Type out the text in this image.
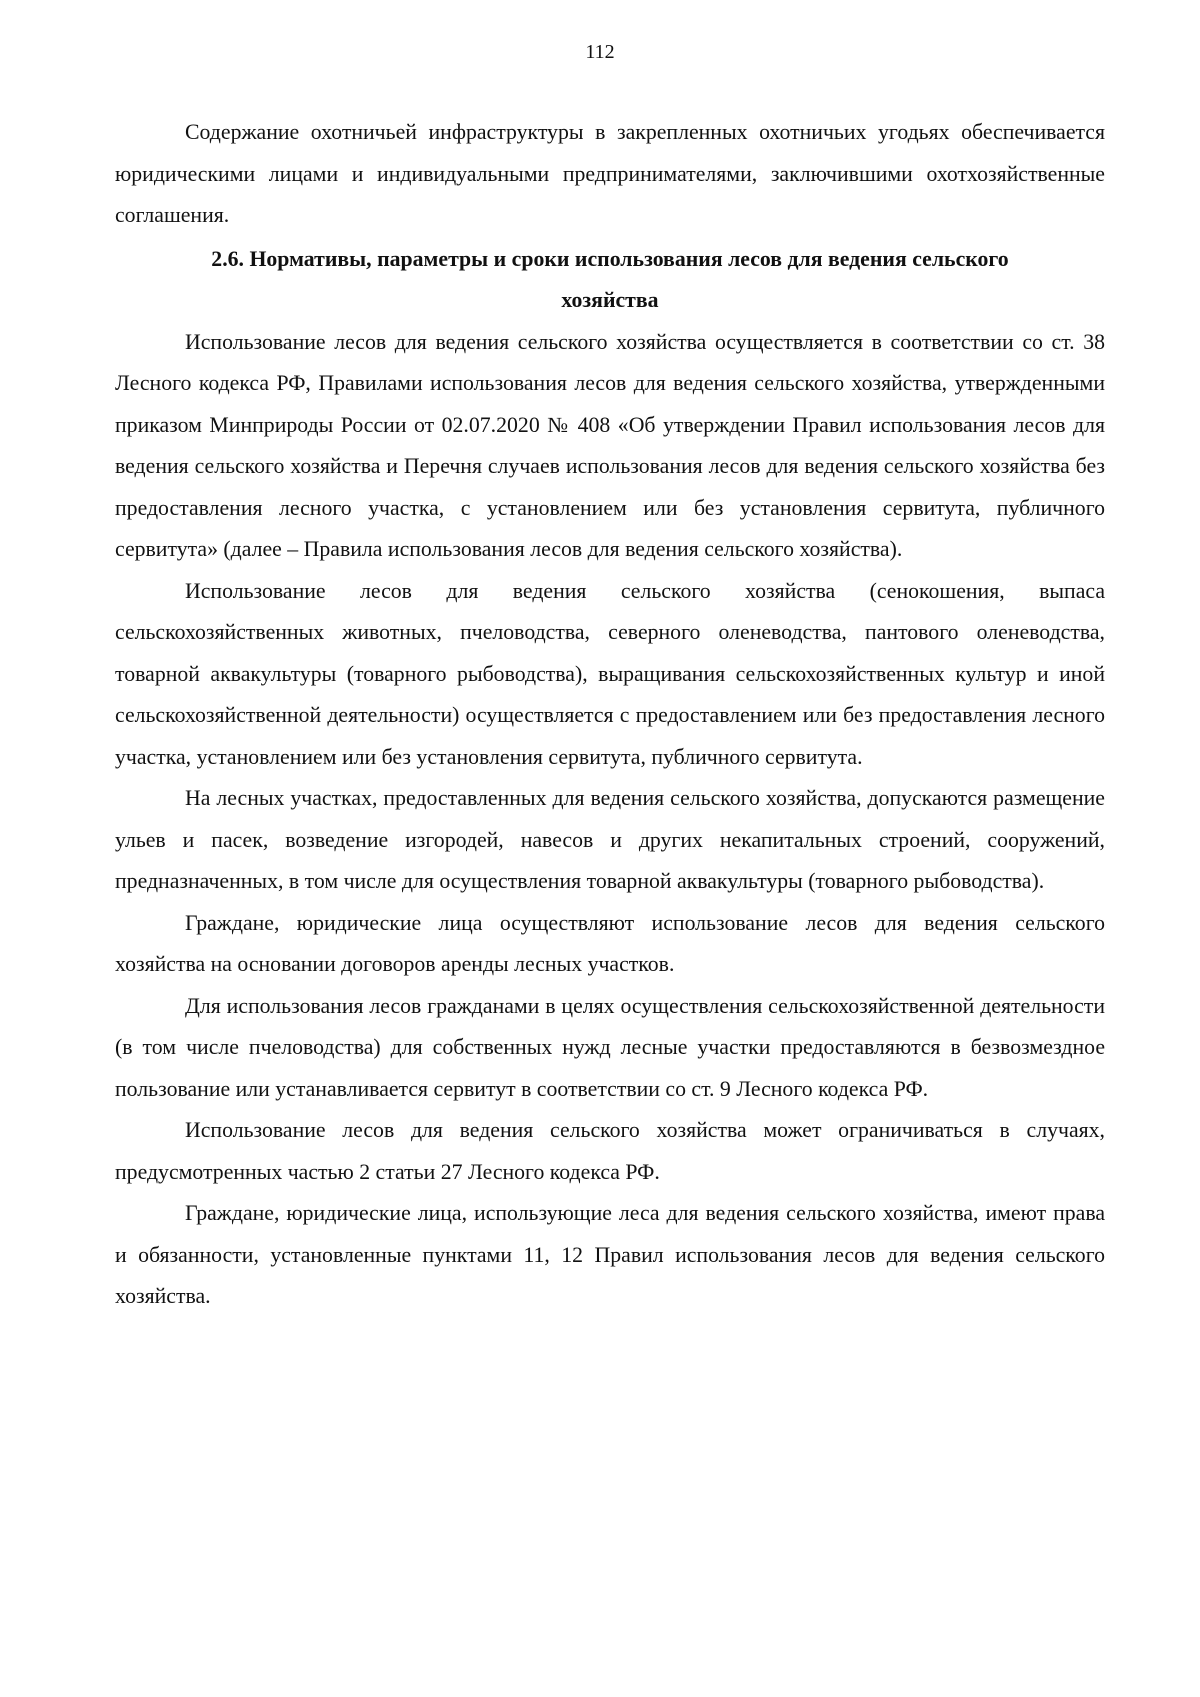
112

Содержание охотничьей инфраструктуры в закрепленных охотничьих угодьях обеспечивается юридическими лицами и индивидуальными предпринимателями, заключившими охотхозяйственные соглашения.

2.6. Нормативы, параметры и сроки использования лесов для ведения сельского
хозяйства

Использование лесов для ведения сельского хозяйства осуществляется в соответствии со ст. 38 Лесного кодекса РФ, Правилами использования лесов для ведения сельского хозяйства, утвержденными приказом Минприроды России от 02.07.2020 № 408 «Об утверждении Правил использования лесов для ведения сельского хозяйства и Перечня случаев использования лесов для ведения сельского хозяйства без предоставления лесного участка, с установлением или без установления сервитута, публичного сервитута» (далее – Правила использования лесов для ведения сельского хозяйства).

Использование лесов для ведения сельского хозяйства (сенокошения, выпаса сельскохозяйственных животных, пчеловодства, северного оленеводства, пантового оленеводства, товарной аквакультуры (товарного рыбоводства), выращивания сельскохозяйственных культур и иной сельскохозяйственной деятельности) осуществляется с предоставлением или без предоставления лесного участка, установлением или без установления сервитута, публичного сервитута.

На лесных участках, предоставленных для ведения сельского хозяйства, допускаются размещение ульев и пасек, возведение изгородей, навесов и других некапитальных строений, сооружений, предназначенных, в том числе для осуществления товарной аквакультуры (товарного рыбоводства).

Граждане, юридические лица осуществляют использование лесов для ведения сельского хозяйства на основании договоров аренды лесных участков.

Для использования лесов гражданами в целях осуществления сельскохозяйственной деятельности (в том числе пчеловодства) для собственных нужд лесные участки предоставляются в безвозмездное пользование или устанавливается сервитут в соответствии со ст. 9 Лесного кодекса РФ.

Использование лесов для ведения сельского хозяйства может ограничиваться в случаях, предусмотренных частью 2 статьи 27 Лесного кодекса РФ.

Граждане, юридические лица, использующие леса для ведения сельского хозяйства, имеют права и обязанности, установленные пунктами 11, 12 Правил использования лесов для ведения сельского хозяйства.
